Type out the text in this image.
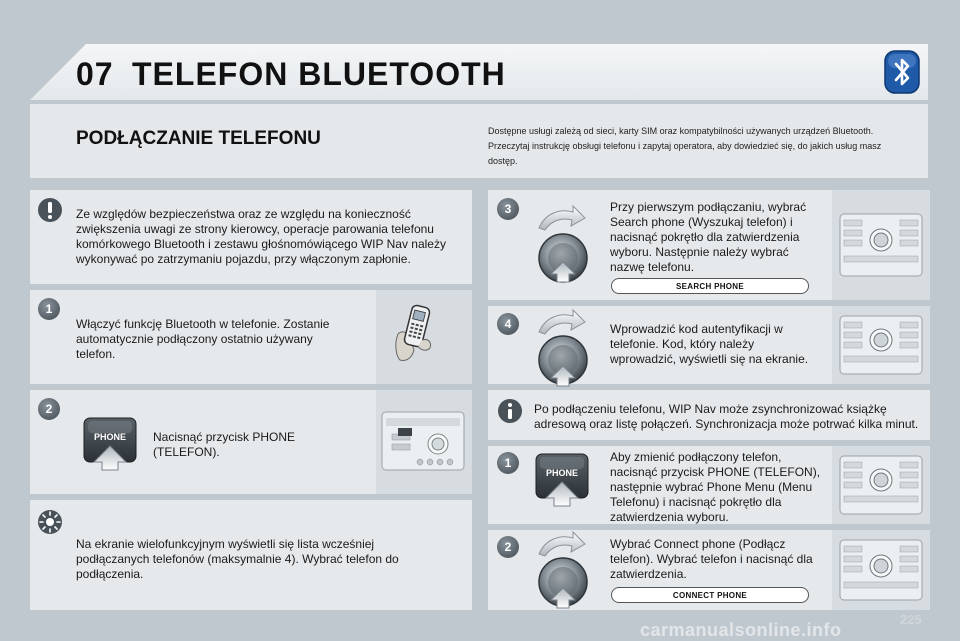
07 TELEFON BLUETOOTH
PODŁĄCZANIE TELEFONU	Dostępne usługi zależą od sieci, karty SIM oraz kompatybilności używanych urządzeń Bluetooth. Przeczytaj instrukcję obsługi telefonu i zapytaj operatora, aby dowiedzieć się, do jakich usług masz dostęp.
Ze względów bezpieczeństwa oraz ze względu na konieczność zwiększenia uwagi ze strony kierowcy, operacje parowania telefonu komórkowego Bluetooth i zestawu głośnomówiącego WIP Nav należy wykonywać po zatrzymaniu pojazdu, przy włączonym zapłonie.
1
Włączyć funkcję Bluetooth w telefonie. Zostanie automatycznie podłączony ostatnio używany telefon.
2
PHONE	Nacisnąć przycisk PHONE (TELEFON).
Na ekranie wielofunkcyjnym wyświetli się lista wcześniej podłączanych telefonów (maksymalnie 4). Wybrać telefon do podłączenia.
3	Przy pierwszym podłączaniu, wybrać Search phone (Wyszukaj telefon) i nacisnąć pokrętło dla zatwierdzenia wyboru. Następnie należy wybrać nazwę telefonu.
SEARCH PHONE
4	Wprowadzić kod autentyfikacji w telefonie. Kod, który należy wprowadzić, wyświetli się na ekranie.
Po podłączeniu telefonu, WIP Nav może zsynchronizować książkę adresową oraz listę połączeń. Synchronizacja może potrwać kilka minut.
1
PHONE
Aby zmienić podłączony telefon, nacisnąć przycisk PHONE (TELEFON), następnie wybrać Phone Menu (Menu Telefonu) i nacisnąć pokrętło dla zatwierdzenia wyboru.
2	Wybrać Connect phone (Podłącz telefon). Wybrać telefon i nacisnąć dla zatwierdzenia.
CONNECT PHONE
225
carmanualsonline.info
